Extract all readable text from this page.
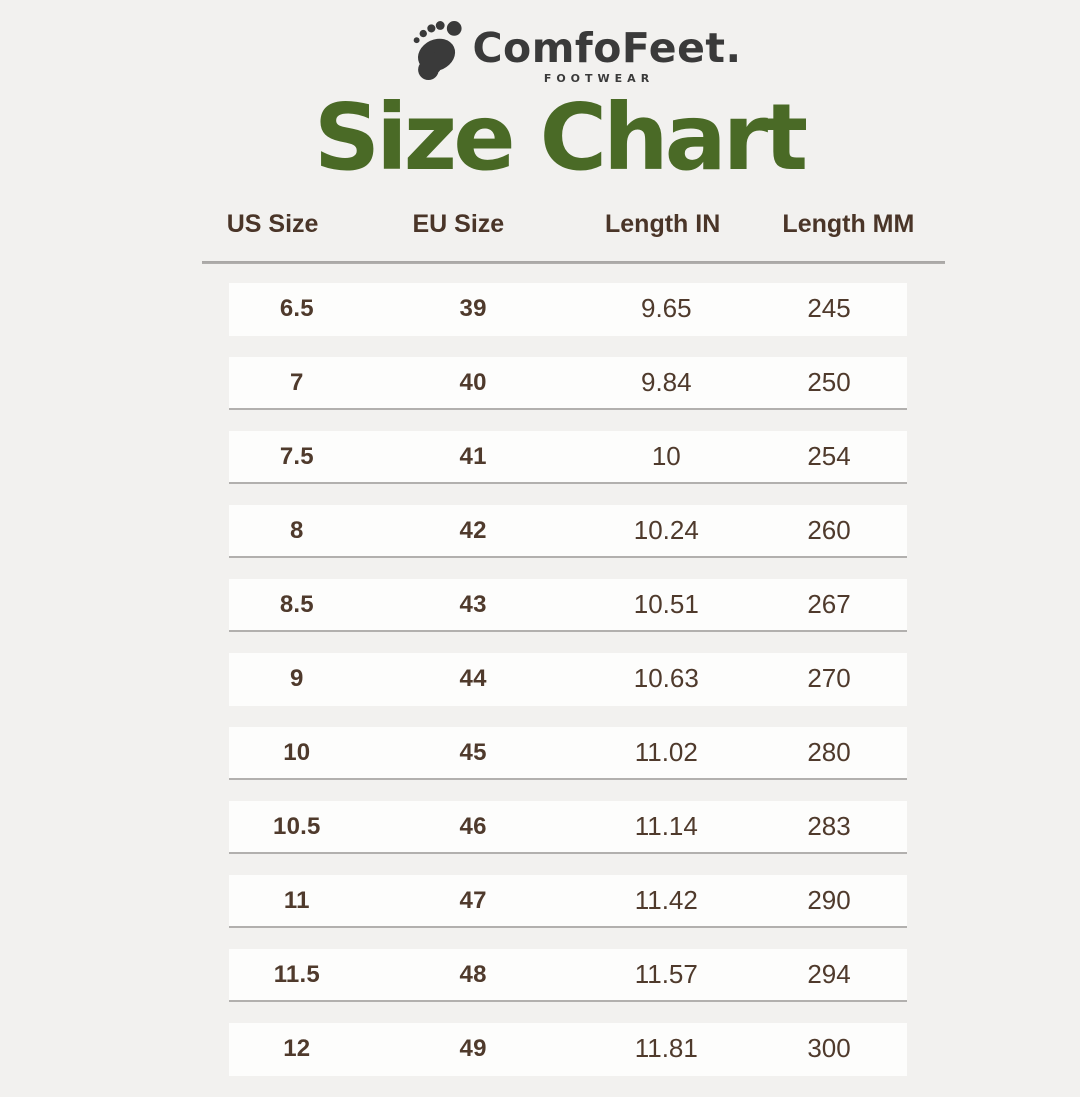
ComfoFeet.
FOOTWEAR
Size Chart
US Size	EU Size	Length IN	Length MM
6.5	39	9.65	245
7	40	9.84	250
7.5	41	10	254
8	42	10.24	260
8.5	43	10.51	267
9	44	10.63	270
10	45	11.02	280
10.5	46	11.14	283
11	47	11.42	290
11.5	48	11.57	294
12	49	11.81	300
